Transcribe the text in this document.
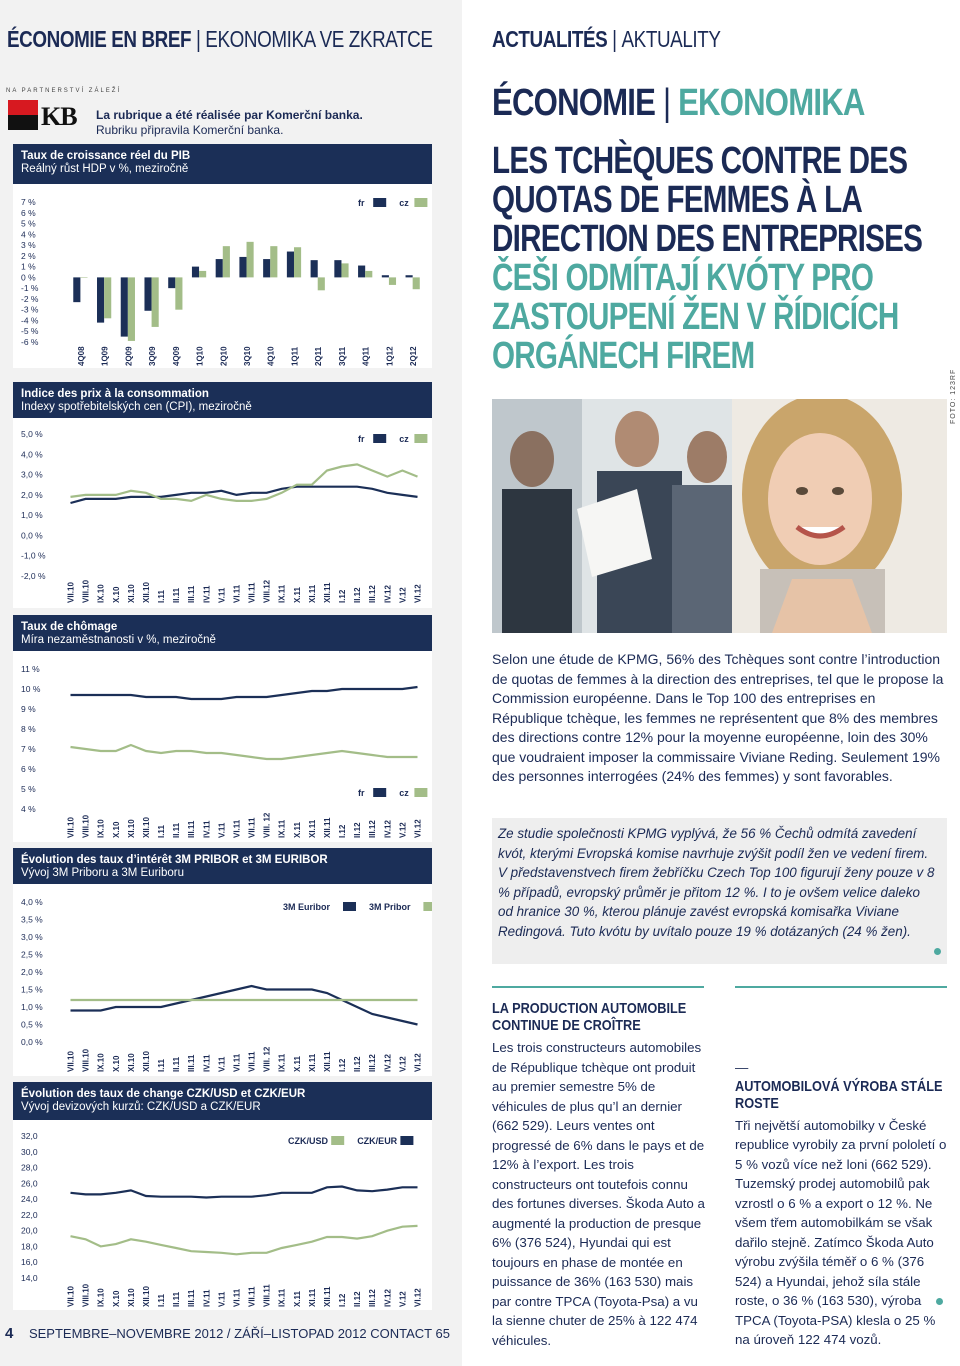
ÉCONOMIE EN BREF | EKONOMIKA VE ZKRATCE	ACTUALITÉS | AKTUALITY
NA PARTNERSTVÍ ZÁLEŽÍ
KB La rubrique a été réalisée par Komerční banka.
Rubriku připravila Komerční banka.
Taux de croissance réel du PIB
Reálný růst HDP v %, meziročně
7 %
6 %
5 %
4 %
3 %
2 %
1 %
0 %
-1 %
-2 %
-3 %
-4 %
-5 %
-6 %
4Q08 1Q09 2Q09 3Q09 4Q09 1Q10 2Q10 3Q10 4Q10 1Q11 2Q11 3Q11 4Q11 1Q12 2Q12
fr	cz
Indice des prix à la consommation
Indexy spotřebitelských cen (CPI), meziročně
5,0 %
4,0 %
3,0 %
2,0 %
1,0 %
0,0 %
-1,0 %
-2,0 %
VII.10 VIII.10 IX.10 X.10 XI.10 XII.10 I.11 II.11 III.11 IV.11 V.11 VI.11 VII.11 VIII.12 IX.11 X.11 XI.11 XII.11 I.12 II.12 III.12 IV.12 V.12 VI.12
fr	cz
Taux de chômage
Míra nezaměstnanosti v %, meziročně
11 %
10 %
9 %
8 %
7 %
6 %
5 %
4 %
VII.10 VIII.10 IX.10 X.10 XI.10 XII.10 I.11 II.11 III.11 IV.11 V.11 VI.11 VII.11 VIII. 12 IX.11 X.11 XI.11 XII.11 I.12 II.12 III.12 IV.12 V.12 VI.12
fr	cz
Évolution des taux d’intérêt 3M PRIBOR et 3M EURIBOR
Vývoj 3M Priboru a 3M Euriboru
4,0 %
3,5 %
3,0 %
2,5 %
2,0 %
1,5 %
1,0 %
0,5 %
0,0 %
VII.10 VIII.10 IX.10 X.10 XI.10 XII.10 I.11 II.11 III.11 IV.11 V.11 VI.11 VII.11 VIII. 12 IX.11 X.11 XI.11 XII.11 I.12 II.12 III.12 IV.12 V.12 VI.12
3M Euribor	3M Pribor
Évolution des taux de change CZK/USD et CZK/EUR
Vývoj devizových kurzů: CZK/USD a CZK/EUR
32,0
30,0
28,0
26,0
24,0
22,0
20,0
18,0
16,0
14,0
VII.10 VIII.10 IX.10 X.10 XI.10 XII.10 I.11 II.11 III.11 IV.11 V.11 VI.11 VII.11 VIII.11 IX.11 X.11 XI.11 XII.11 I.12 II.12 III.12 IV.12 V.12 VI.12
CZK/USD	CZK/EUR
ÉCONOMIE | EKONOMIKA
LES TCHÈQUES CONTRE DES QUOTAS DE FEMMES À LA DIRECTION DES ENTREPRISES
ČEŠI ODMÍTAJÍ KVÓTY PRO ZASTOUPENÍ ŽEN V ŘÍDICÍCH ORGÁNECH FIREM
FOTO: 123RF
Selon une étude de KPMG, 56% des Tchèques sont contre l’introduction de quotas de femmes à la direction des entreprises, tel que le propose la Commission européenne. Dans le Top 100 des entreprises en République tchèque, les femmes ne représentent que 8% des membres des directions contre 12% pour la moyenne européenne, loin des 30% que voudraient imposer la commissaire Viviane Reding. Seulement 19% des personnes interrogées (24% des femmes) y sont favorables.
Ze studie společnosti KPMG vyplývá, že 56 % Čechů odmítá zavedení kvót, kterými Evropská komise navrhuje zvýšit podíl žen ve vedení firem. V představenstvech firem žebříčku Czech Top 100 figurují ženy pouze v 8 % případů, evropský průměr je přitom 12 %. I to je ovšem velice daleko od hranice 30 %, kterou plánuje zavést evropská komisařka Viviane Redingová. Tuto kvótu by uvítalo pouze 19 % dotázaných (24 % žen).
LA PRODUCTION AUTOMOBILE CONTINUE DE CROÎTRE
Les trois constructeurs automobiles de République tchèque ont produit au premier semestre 5% de véhicules de plus qu’l an dernier (662 529). Leurs ventes ont progressé de 6% dans le pays et de 12% à l’export. Les trois constructeurs ont toutefois connu des fortunes diverses. Škoda Auto a augmenté la production de presque 6% (376 524), Hyundai qui est toujours en phase de montée en puissance de 36% (163 530) mais par contre TPCA (Toyota-Psa) a vu la sienne chuter de 25% à 122 474 véhicules.
—
AUTOMOBILOVÁ VÝROBA STÁLE ROSTE
Tři největší automobilky v České republice vyrobily za první pololetí o 5 % vozů více než loni (662 529). Tuzemský prodej automobilů pak vzrostl o 6 % a export o 12 %. Ne všem třem automobilkám se však dařilo stejně. Zatímco Škoda Auto výrobu zvýšila téměř o 6 % (376 524) a Hyundai, jehož síla stále roste, o 36 % (163 530), výroba TPCA (Toyota-PSA) klesla o 25 % na úroveň 122 474 vozů.
4 SEPTEMBRE–NOVEMBRE 2012 / ZÁŘÍ–LISTOPAD 2012 CONTACT 65
